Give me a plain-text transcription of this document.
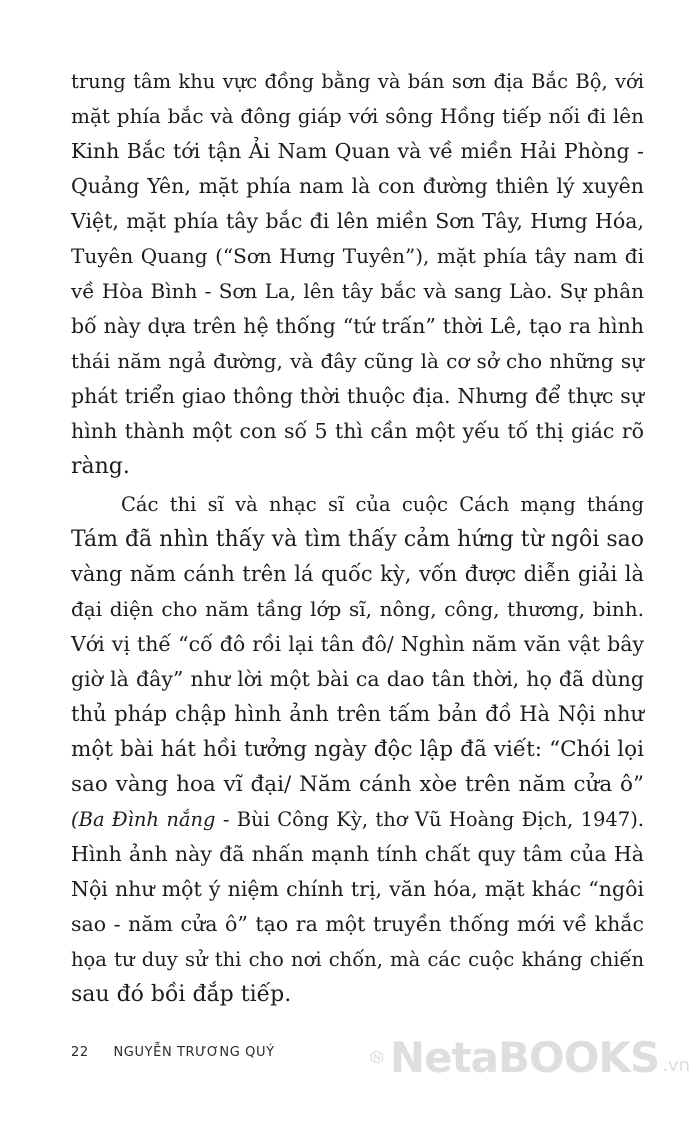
trung tâm khu vực đồng bằng và bán sơn địa Bắc Bộ, với
mặt phía bắc và đông giáp với sông Hồng tiếp nối đi lên
Kinh Bắc tới tận Ải Nam Quan và về miền Hải Phòng -
Quảng Yên, mặt phía nam là con đường thiên lý xuyên
Việt, mặt phía tây bắc đi lên miền Sơn Tây, Hưng Hóa,
Tuyên Quang (“Sơn Hưng Tuyên”), mặt phía tây nam đi
về Hòa Bình - Sơn La, lên tây bắc và sang Lào. Sự phân
bố này dựa trên hệ thống “tứ trấn” thời Lê, tạo ra hình
thái năm ngả đường, và đây cũng là cơ sở cho những sự
phát triển giao thông thời thuộc địa. Nhưng để thực sự
hình thành một con số 5 thì cần một yếu tố thị giác rõ
ràng.
Các thi sĩ và nhạc sĩ của cuộc Cách mạng tháng
Tám đã nhìn thấy và tìm thấy cảm hứng từ ngôi sao
vàng năm cánh trên lá quốc kỳ, vốn được diễn giải là
đại diện cho năm tầng lớp sĩ, nông, công, thương, binh.
Với vị thế “cố đô rồi lại tân đô/ Nghìn năm văn vật bây
giờ là đây” như lời một bài ca dao tân thời, họ đã dùng
thủ pháp chập hình ảnh trên tấm bản đồ Hà Nội như
một bài hát hồi tưởng ngày độc lập đã viết: “Chói lọi
sao vàng hoa vĩ đại/ Năm cánh xòe trên năm cửa ô”
(Ba Đình nắng - Bùi Công Kỳ, thơ Vũ Hoàng Địch, 1947).
Hình ảnh này đã nhấn mạnh tính chất quy tâm của Hà
Nội như một ý niệm chính trị, văn hóa, mặt khác “ngôi
sao - năm cửa ô” tạo ra một truyền thống mới về khắc
họa tư duy sử thi cho nơi chốn, mà các cuộc kháng chiến
sau đó bồi đắp tiếp.
22 NGUYỄN TRƯƠNG QUÝ	NetaBOOKS .vn
